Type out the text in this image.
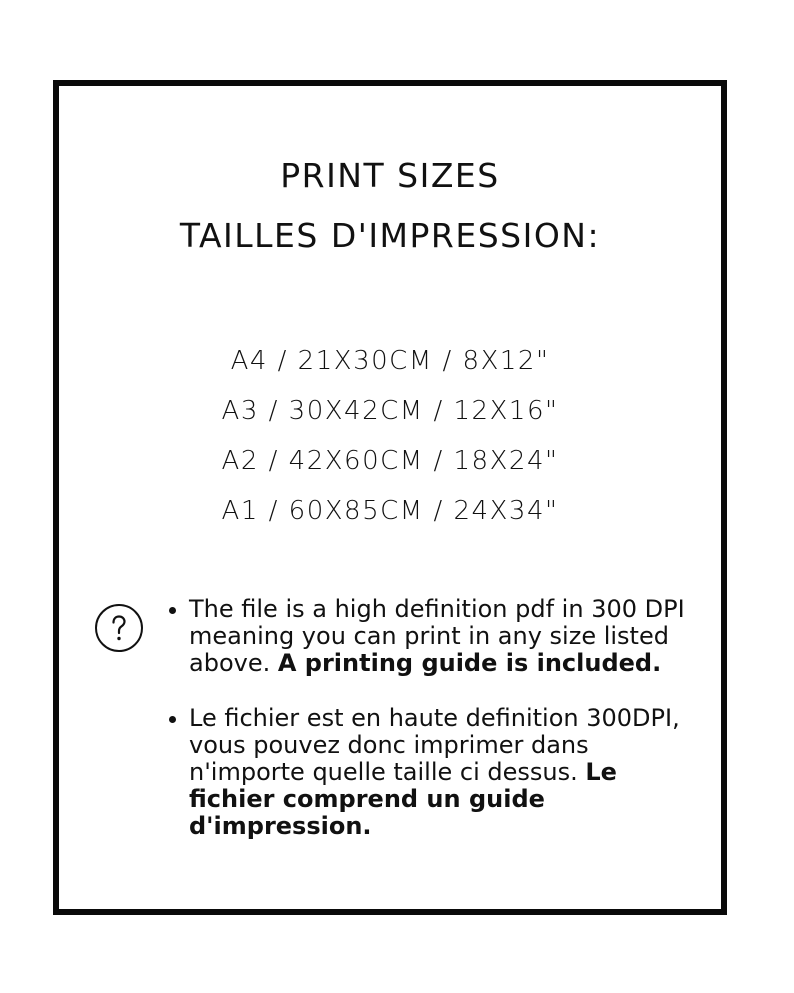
PRINT SIZES
TAILLES D'IMPRESSION:
A4 / 21X30CM / 8X12"
A3 / 30X42CM / 12X16"
A2 / 42X60CM / 18X24"
A1 / 60X85CM / 24X34"
The file is a high definition pdf in 300 DPI meaning you can print in any size listed above. A printing guide is included.
Le fichier est en haute definition 300DPI, vous pouvez donc imprimer dans n'importe quelle taille ci dessus. Le fichier comprend un guide d'impression.
